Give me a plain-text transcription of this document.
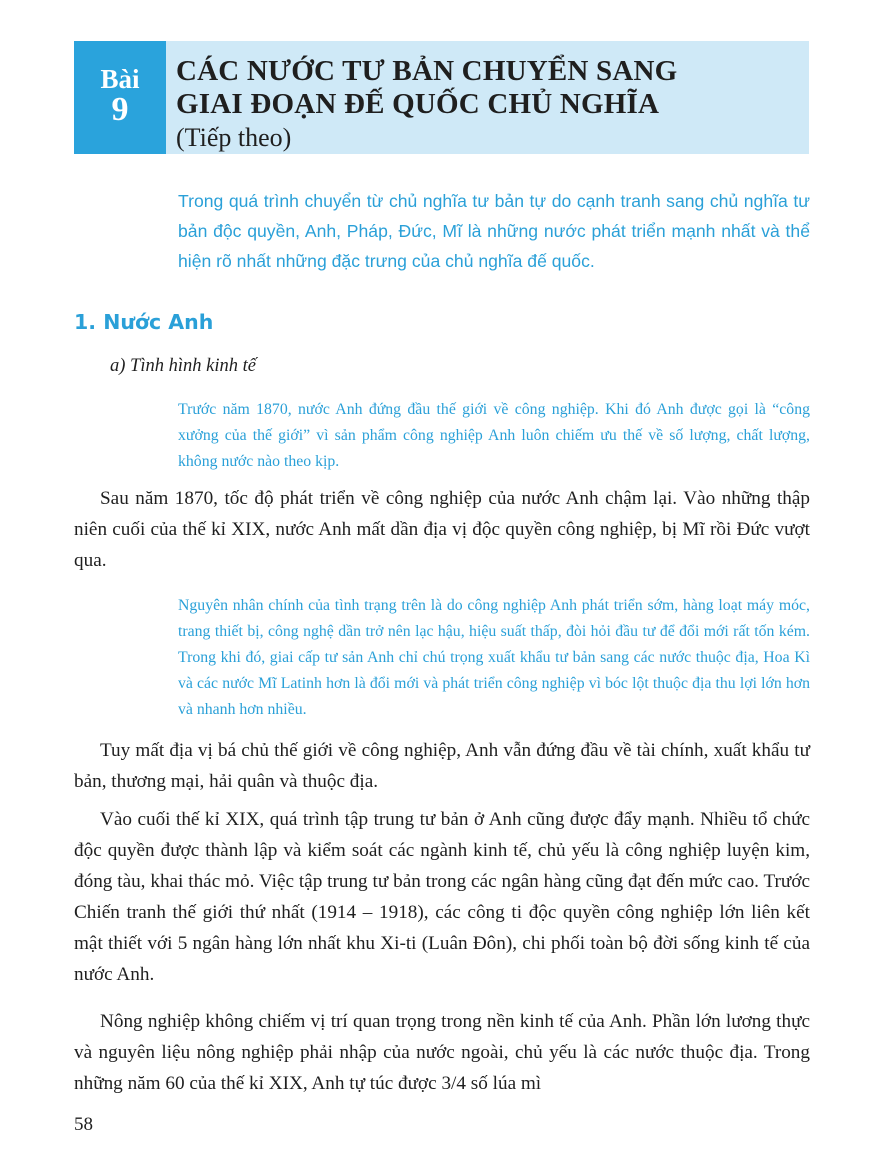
Bài
9
CÁC NƯỚC TƯ BẢN CHUYỂN SANG
GIAI ĐOẠN ĐẾ QUỐC CHỦ NGHĨA
(Tiếp theo)

Trong quá trình chuyển từ chủ nghĩa tư bản tự do cạnh tranh sang chủ nghĩa tư bản độc quyền, Anh, Pháp, Đức, Mĩ là những nước phát triển mạnh nhất và thể hiện rõ nhất những đặc trưng của chủ nghĩa đế quốc.

1. Nước Anh
a) Tình hình kinh tế

Trước năm 1870, nước Anh đứng đầu thế giới về công nghiệp. Khi đó Anh được gọi là “công xưởng của thế giới” vì sản phẩm công nghiệp Anh luôn chiếm ưu thế về số lượng, chất lượng, không nước nào theo kịp.

Sau năm 1870, tốc độ phát triển về công nghiệp của nước Anh chậm lại. Vào những thập niên cuối của thế kỉ XIX, nước Anh mất dần địa vị độc quyền công nghiệp, bị Mĩ rồi Đức vượt qua.

Nguyên nhân chính của tình trạng trên là do công nghiệp Anh phát triển sớm, hàng loạt máy móc, trang thiết bị, công nghệ dần trở nên lạc hậu, hiệu suất thấp, đòi hỏi đầu tư để đổi mới rất tốn kém. Trong khi đó, giai cấp tư sản Anh chỉ chú trọng xuất khẩu tư bản sang các nước thuộc địa, Hoa Kì và các nước Mĩ Latinh hơn là đổi mới và phát triển công nghiệp vì bóc lột thuộc địa thu lợi lớn hơn và nhanh hơn nhiều.

Tuy mất địa vị bá chủ thế giới về công nghiệp, Anh vẫn đứng đầu về tài chính, xuất khẩu tư bản, thương mại, hải quân và thuộc địa.

Vào cuối thế kỉ XIX, quá trình tập trung tư bản ở Anh cũng được đẩy mạnh. Nhiều tổ chức độc quyền được thành lập và kiểm soát các ngành kinh tế, chủ yếu là công nghiệp luyện kim, đóng tàu, khai thác mỏ. Việc tập trung tư bản trong các ngân hàng cũng đạt đến mức cao. Trước Chiến tranh thế giới thứ nhất (1914 – 1918), các công ti độc quyền công nghiệp lớn liên kết mật thiết với 5 ngân hàng lớn nhất khu Xi-ti (Luân Đôn), chi phối toàn bộ đời sống kinh tế của nước Anh.

Nông nghiệp không chiếm vị trí quan trọng trong nền kinh tế của Anh. Phần lớn lương thực và nguyên liệu nông nghiệp phải nhập của nước ngoài, chủ yếu là các nước thuộc địa. Trong những năm 60 của thế kỉ XIX, Anh tự túc được 3/4 số lúa mì

58
